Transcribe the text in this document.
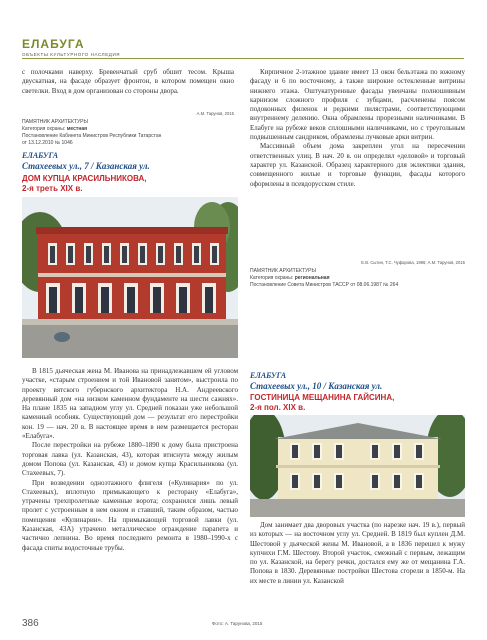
ЕЛАБУГА
ОБЪЕКТЫ КУЛЬТУРНОГО НАСЛЕДИЯ

с полочками наверху. Бревенчатый сруб обшит тесом. Крыша двускатная, на фасаде образует фронтон, в котором помещен окно светелки. Вход в дом организован со стороны двора.

А.М. Тарунов, 2015
ПАМЯТНИК АРХИТЕКТУРЫ
Категория охраны: местная
Постановление Кабинета Министров Республики Татарстан
от 13.12.2010 № 1046
ЕЛАБУГА
Стахеевых ул., 7 / Казанская ул.
ДОМ КУПЦА КРАСИЛЬНИКОВА,
2-я треть XIX в.

Кирпичное 2-этажное здание имеет 13 окон бельэтажа по южному фасаду и 6 по восточному, а также широкие остекленные витрины нижнего этажа. Оштукатуренные фасады увенчаны полношивным карнизом сложного профиля с зубцами, расчленены поясом подоконных филенок и редкими пилястрами, соответствующими внутреннему делению. Окна обрамлены прорезными наличниками. В Елабуге на рубеже веков сплошными наличниками, но с треугольным подвышенным сандриком, обрамлены лучковые арки витрин.

Массивный объем дома закреплен угол на пересечении ответственных улиц. В нач. 20 в. он определял «деловой» и торговый характер ул. Казанской. Образец характерного для эклектики здания, совмещенного жилые и торговые функции, фасады которого оформлены в псевдорусском стиле.

Е.В. Сытин, Т.С. Чуфарова, 1996; А.М. Тарунов, 2015
ПАМЯТНИК АРХИТЕКТУРЫ
Категория охраны: региональная
Постановление Совета Министров ТАССР от 08.06.1987 № 264

В 1815 дьяческая жена М. Иванова на принадлежавшем ей угловом участке, «старым строением и той Ивановой занятом», выстроила по проекту вятского губернского архитектора Н.А. Андреевского деревянный дом «на низком каменном фундаменте на шести сажнях». На плане 1835 на западном углу ул. Средней показан уже небольшой каменный особняк. Существующий дом — результат его перестройки кон. 19 — нач. 20 в. В настоящее время в нем размещается ресторан «Елабуга».

После перестройки на рубеже 1880–1890 к дому была пристроена торговая лавка (ул. Казанская, 43), которая втиснута между жилым домом Попова (ул. Казанская, 43) и домом купца Красильникова (ул. Стахеевых, 7).

При возведении одноэтажного флигеля («Кулинария» по ул. Стахеевых), вплотную примыкающего к ресторану «Елабуга», утрачены трехпролетные каменные ворота; сохранился лишь левый пролет с устроенным в нем окном и ставший, таким образом, частью помещения «Кулинарии». На примыкающей торговой лавки (ул. Казанская, 43А) утрачено металлическое ограждение парапета и частично лепнина. Во время последнего ремонта в 1980–1990-х с фасада спиты водосточные трубы.

ЕЛАБУГА
Стахеевых ул., 10 / Казанская ул.
ГОСТИНИЦА МЕЩАНИНА ГАЙСИНА,
2-я пол. XIX в.

Дом занимает два дворовых участка (по нарезке нач. 19 в.), первый из которых — на восточном углу ул. Средней. В 1819 был куплен Д.М. Шестовой у дьяческой жены М. Ивановой, а в 1836 перешел к мужу купчихи Г.М. Шестову. Второй участок, смежный с первым, лежащим по ул. Казанской, на берегу речки, достался ему же от мещанина Г.А. Попова в 1830. Деревянные постройки Шестова сгорели в 1850-м. На их месте в линии ул. Казанской

386	Фото: А. Тарунова, 2015
